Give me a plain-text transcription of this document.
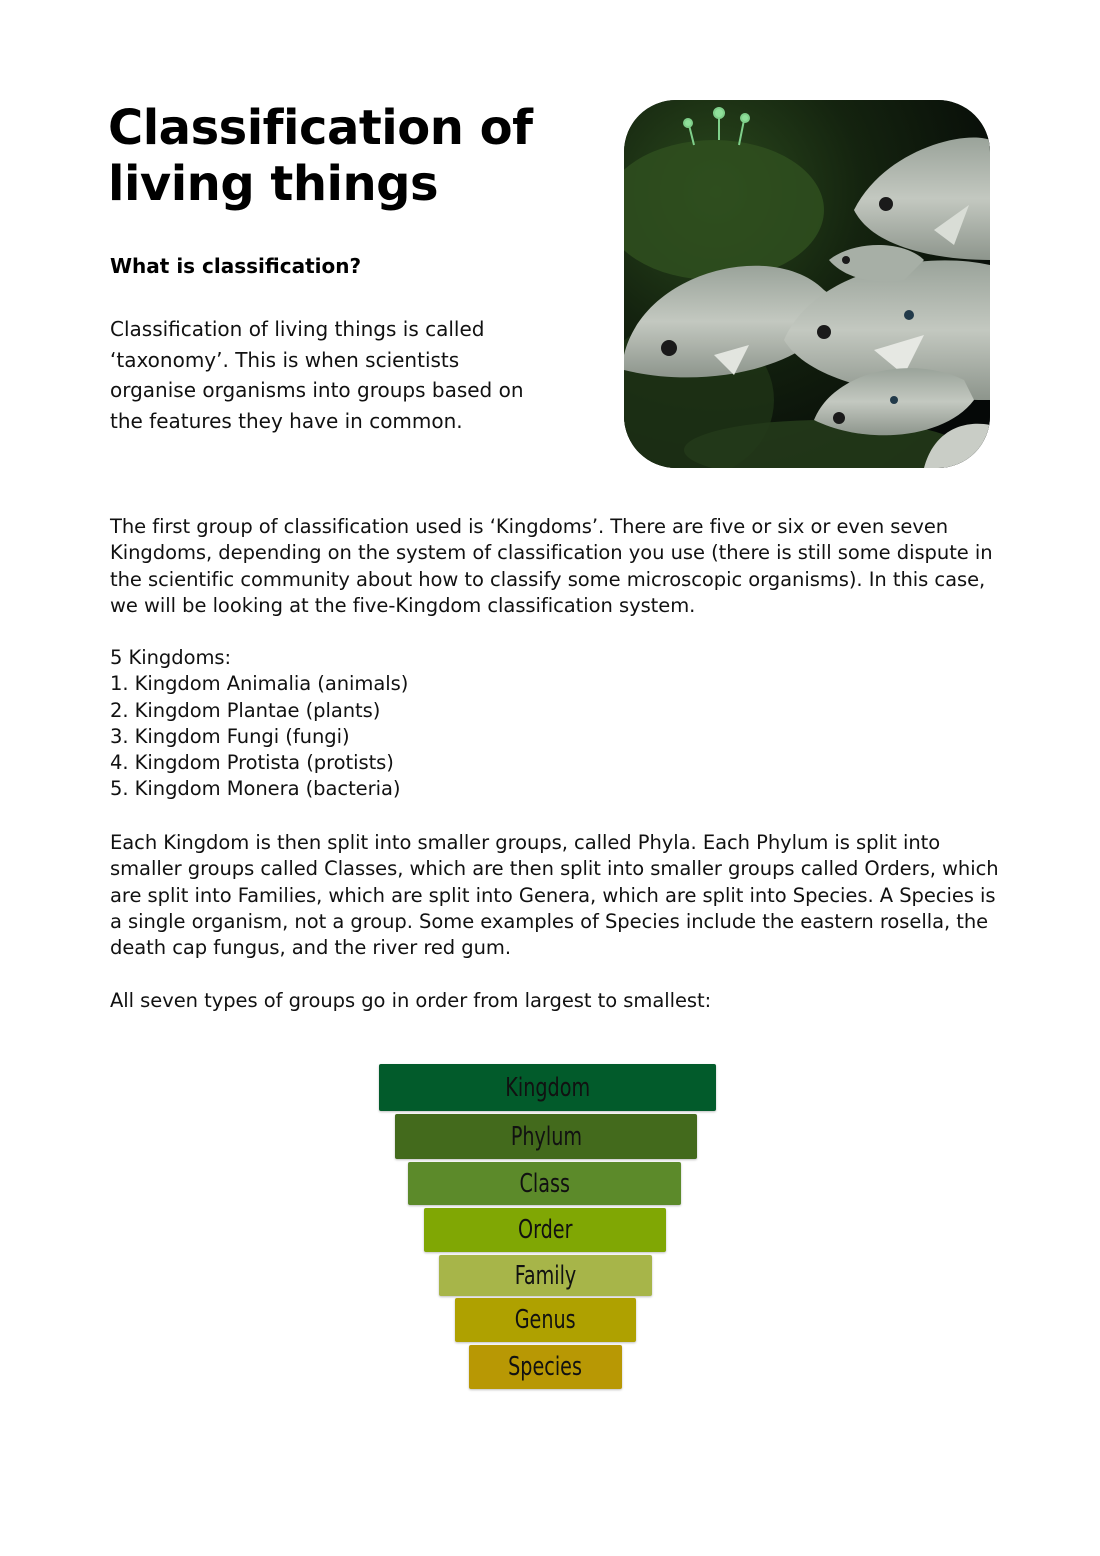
Classification of living things
What is classification?

Classification of living things is called ‘taxonomy’. This is when scientists organise organisms into groups based on the features they have in common.

The first group of classification used is ‘Kingdoms’. There are five or six or even seven Kingdoms, depending on the system of classification you use (there is still some dispute in the scientific community about how to classify some microscopic organisms). In this case, we will be looking at the five-Kingdom classification system.

5 Kingdoms:
1. Kingdom Animalia (animals)
2. Kingdom Plantae (plants)
3. Kingdom Fungi (fungi)
4. Kingdom Protista (protists)
5. Kingdom Monera (bacteria)

Each Kingdom is then split into smaller groups, called Phyla. Each Phylum is split into smaller groups called Classes, which are then split into smaller groups called Orders, which are split into Families, which are split into Genera, which are split into Species. A Species is a single organism, not a group. Some examples of Species include the eastern rosella, the death cap fungus, and the river red gum.

All seven types of groups go in order from largest to smallest:

Kingdom
Phylum
Class
Order
Family
Genus
Species
